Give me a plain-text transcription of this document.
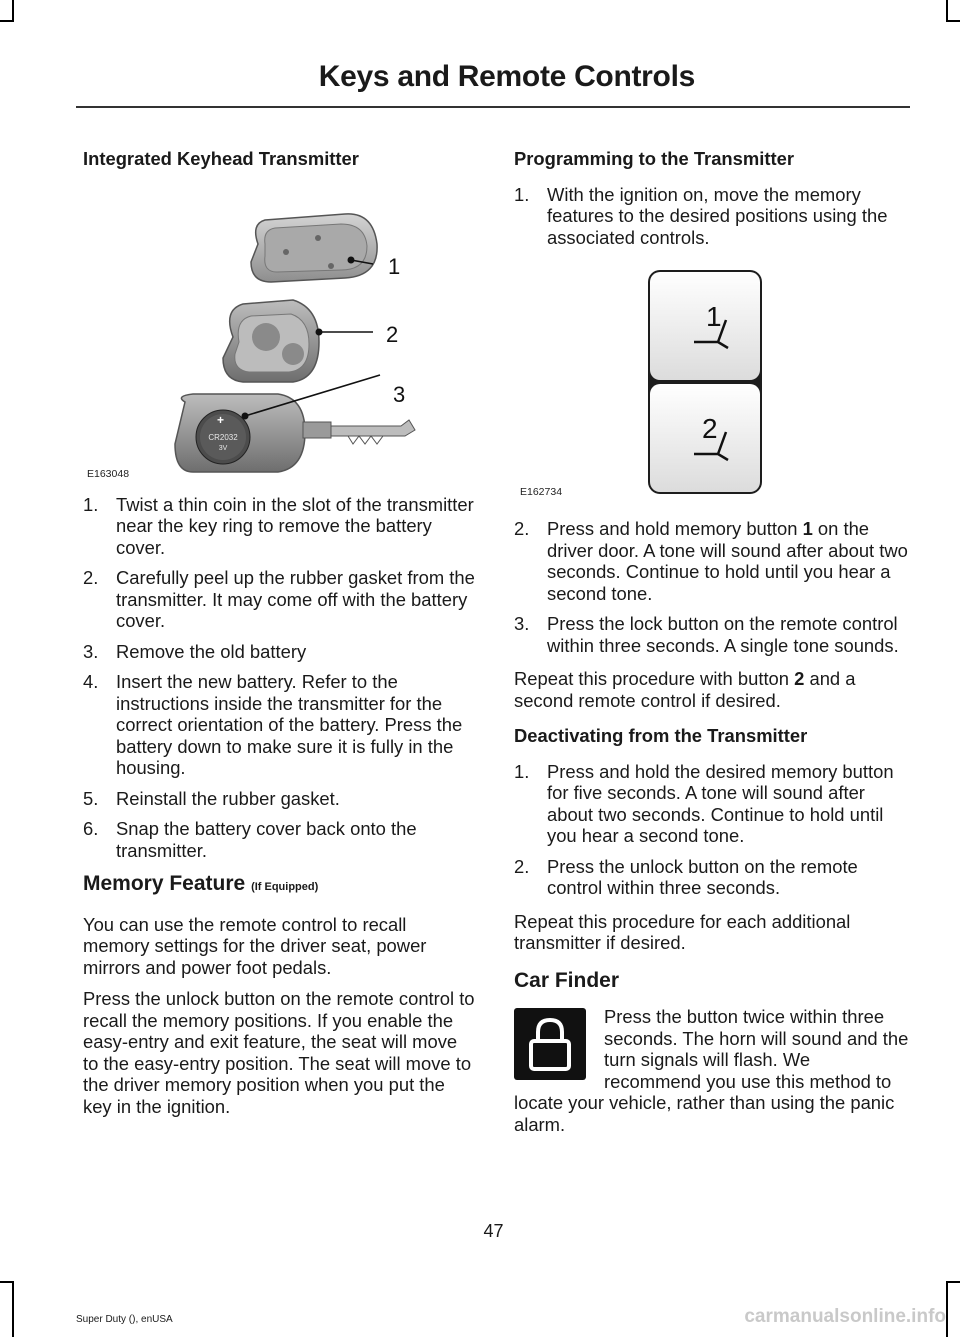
Keys and Remote Controls
Integrated Keyhead Transmitter
1
2
+
CR2032
3V
3
E163048
1. Twist a thin coin in the slot of the transmitter near the key ring to remove the battery cover.
2. Carefully peel up the rubber gasket from the transmitter. It may come off with the battery cover.
3. Remove the old battery
4. Insert the new battery. Refer to the instructions inside the transmitter for the correct orientation of the battery. Press the battery down to make sure it is fully in the housing.
5. Reinstall the rubber gasket.
6. Snap the battery cover back onto the transmitter.
Memory Feature (If Equipped)

You can use the remote control to recall memory settings for the driver seat, power mirrors and power foot pedals.

Press the unlock button on the remote control to recall the memory positions. If you enable the easy-entry and exit feature, the seat will move to the easy-entry position. The seat will move to the driver memory position when you put the key in the ignition.

Programming to the Transmitter
1. With the ignition on, move the memory features to the desired positions using the associated controls.
1
2
E162734
2. Press and hold memory button 1 on the driver door. A tone will sound after about two seconds. Continue to hold until you hear a second tone.
3. Press the lock button on the remote control within three seconds. A single tone sounds.

Repeat this procedure with button 2 and a second remote control if desired.

Deactivating from the Transmitter
1. Press and hold the desired memory button for five seconds. A tone will sound after about two seconds. Continue to hold until you hear a second tone.
2. Press the unlock button on the remote control within three seconds.

Repeat this procedure for each additional transmitter if desired.

Car Finder

Press the button twice within three seconds. The horn will sound and the turn signals will flash. We recommend you use this method to locate your vehicle, rather than using the panic alarm.

47
Super Duty (), enUSA	carmanualsonline.info
